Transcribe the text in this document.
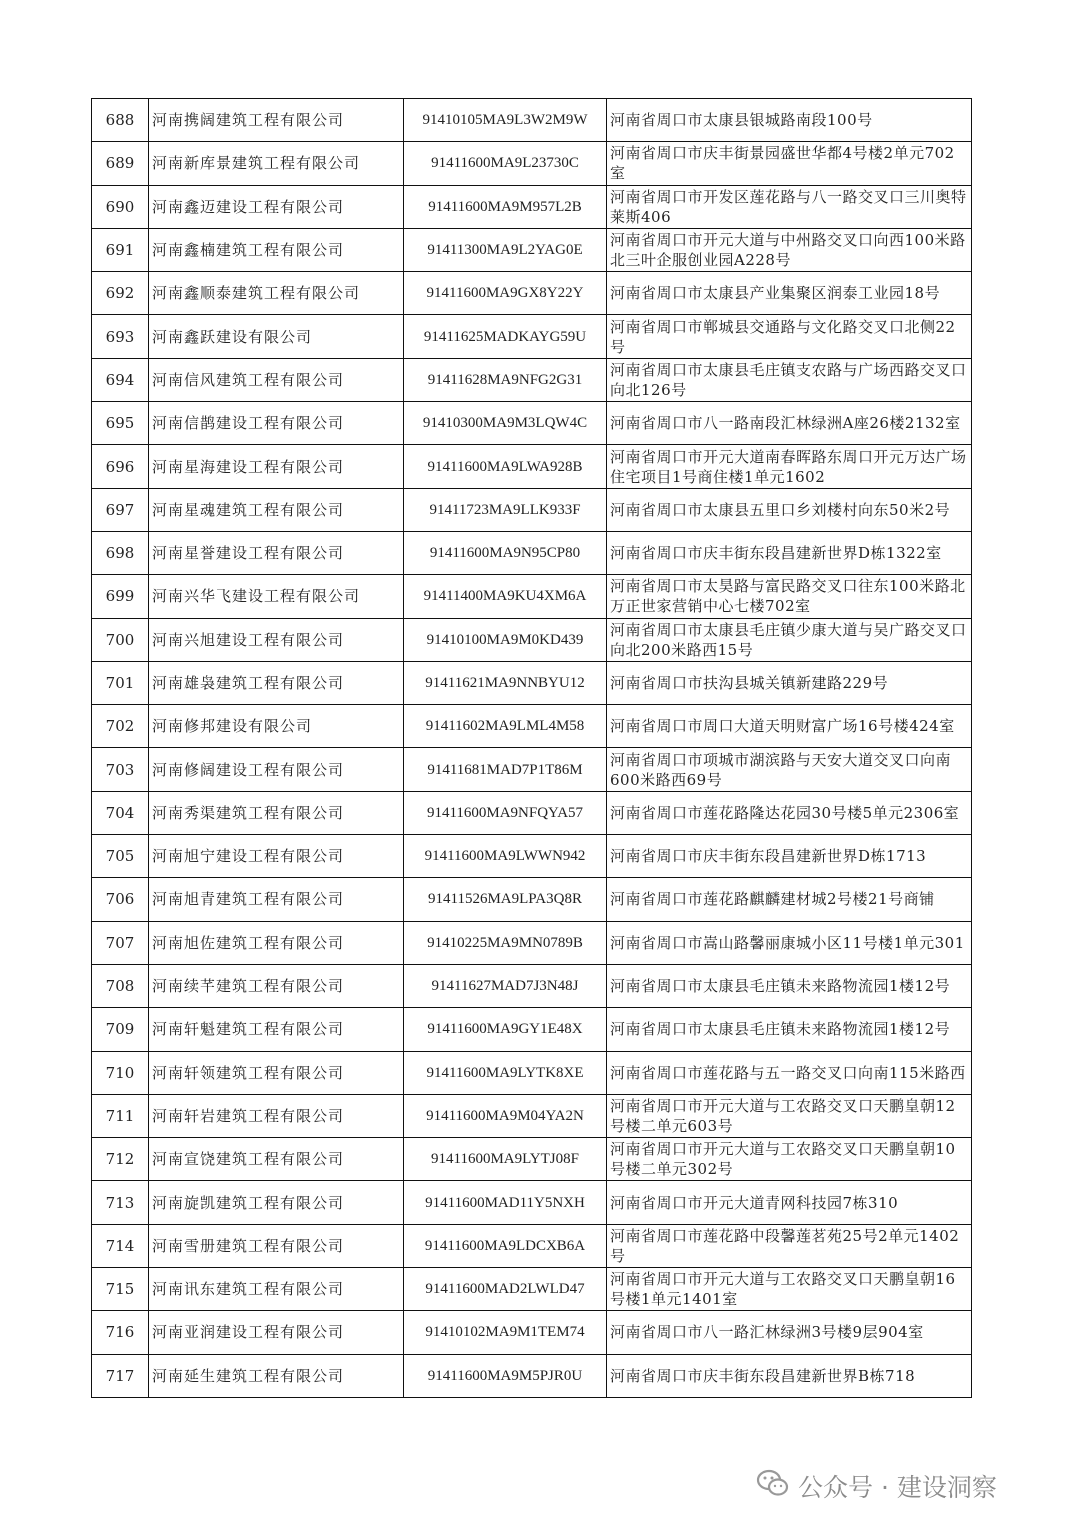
688	河南携阔建筑工程有限公司	91410105MA9L3W2M9W	河南省周口市太康县银城路南段100号
689	河南新库景建筑工程有限公司	91411600MA9L23730C	河南省周口市庆丰街景园盛世华都4号楼2单元702室
690	河南鑫迈建设工程有限公司	91411600MA9M957L2B	河南省周口市开发区莲花路与八一路交叉口三川奥特莱斯406
691	河南鑫楠建筑工程有限公司	91411300MA9L2YAG0E	河南省周口市开元大道与中州路交叉口向西100米路北三叶企服创业园A228号
692	河南鑫顺泰建筑工程有限公司	91411600MA9GX8Y22Y	河南省周口市太康县产业集聚区润泰工业园18号
693	河南鑫跃建设有限公司	91411625MADKAYG59U	河南省周口市郸城县交通路与文化路交叉口北侧22号
694	河南信风建筑工程有限公司	91411628MA9NFG2G31	河南省周口市太康县毛庄镇支农路与广场西路交叉口向北126号
695	河南信鹊建设工程有限公司	91410300MA9M3LQW4C	河南省周口市八一路南段汇林绿洲A座26楼2132室
696	河南星海建设工程有限公司	91411600MA9LWA928B	河南省周口市开元大道南春晖路东周口开元万达广场住宅项目1号商住楼1单元1602
697	河南星魂建筑工程有限公司	91411723MA9LLK933F	河南省周口市太康县五里口乡刘楼村向东50米2号
698	河南星誉建设工程有限公司	91411600MA9N95CP80	河南省周口市庆丰街东段昌建新世界D栋1322室
699	河南兴华飞建设工程有限公司	91411400MA9KU4XM6A	河南省周口市太昊路与富民路交叉口往东100米路北万正世家营销中心七楼702室
700	河南兴旭建设工程有限公司	91410100MA9M0KD439	河南省周口市太康县毛庄镇少康大道与吴广路交叉口向北200米路西15号
701	河南雄袅建筑工程有限公司	91411621MA9NNBYU12	河南省周口市扶沟县城关镇新建路229号
702	河南修邦建设有限公司	91411602MA9LML4M58	河南省周口市周口大道天明财富广场16号楼424室
703	河南修阔建设工程有限公司	91411681MAD7P1T86M	河南省周口市项城市湖滨路与天安大道交叉口向南600米路西69号
704	河南秀渠建筑工程有限公司	91411600MA9NFQYA57	河南省周口市莲花路隆达花园30号楼5单元2306室
705	河南旭宁建设工程有限公司	91411600MA9LWWN942	河南省周口市庆丰街东段昌建新世界D栋1713
706	河南旭青建筑工程有限公司	91411526MA9LPA3Q8R	河南省周口市莲花路麒麟建材城2号楼21号商铺
707	河南旭佐建筑工程有限公司	91410225MA9MN0789B	河南省周口市嵩山路馨丽康城小区11号楼1单元301
708	河南续芊建筑工程有限公司	91411627MAD7J3N48J	河南省周口市太康县毛庄镇未来路物流园1楼12号
709	河南轩魁建筑工程有限公司	91411600MA9GY1E48X	河南省周口市太康县毛庄镇未来路物流园1楼12号
710	河南轩领建筑工程有限公司	91411600MA9LYTK8XE	河南省周口市莲花路与五一路交叉口向南115米路西
711	河南轩岩建筑工程有限公司	91411600MA9M04YA2N	河南省周口市开元大道与工农路交叉口天鹏皇朝12号楼二单元603号
712	河南宣饶建筑工程有限公司	91411600MA9LYTJ08F	河南省周口市开元大道与工农路交叉口天鹏皇朝10号楼二单元302号
713	河南旋凯建筑工程有限公司	91411600MAD11Y5NXH	河南省周口市开元大道青网科技园7栋310
714	河南雪册建筑工程有限公司	91411600MA9LDCXB6A	河南省周口市莲花路中段馨莲茗苑25号2单元1402号
715	河南讯东建筑工程有限公司	91411600MAD2LWLD47	河南省周口市开元大道与工农路交叉口天鹏皇朝16号楼1单元1401室
716	河南亚润建设工程有限公司	91410102MA9M1TEM74	河南省周口市八一路汇林绿洲3号楼9层904室
717	河南延生建筑工程有限公司	91411600MA9M5PJR0U	河南省周口市庆丰街东段昌建新世界B栋718
公众号 · 建设洞察
